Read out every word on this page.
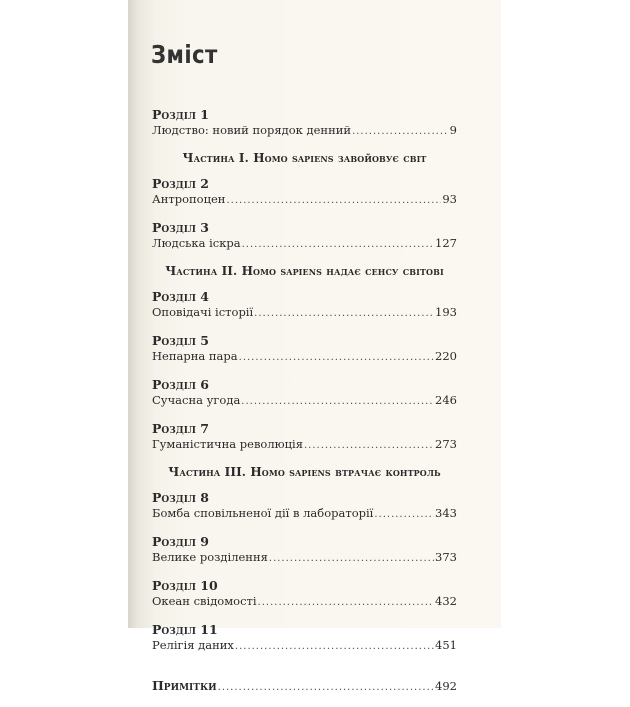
Зміст
Розділ 1
Людство: новий порядок денний .....	9
Частина I. Homo sapiens завойовує світ
Розділ 2
Антропоцен .....	93
Розділ 3
Людська іскра .....	127
Частина II. Homo sapiens надає сенсу світові
Розділ 4
Оповідачі історії .....	193
Розділ 5
Непарна пара .....	220
Розділ 6
Сучасна угода .....	246
Розділ 7
Гуманістична революція .....	273
Частина III. Homo sapiens втрачає контроль
Розділ 8
Бомба сповільненої дії в лабораторії .....	343
Розділ 9
Велике розділення .....	373
Розділ 10
Океан свідомості .....	432
Розділ 11
Релігія даних .....	451
Примітки .....	492
